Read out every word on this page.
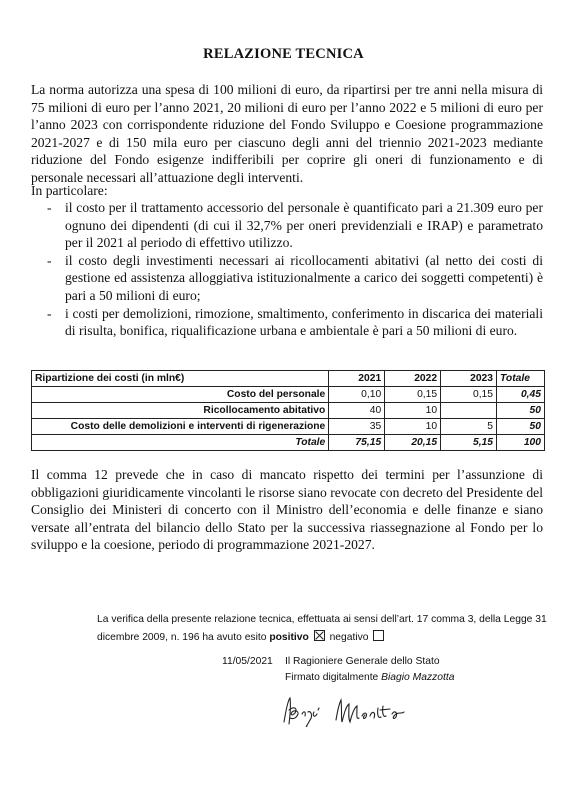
RELAZIONE TECNICA
La norma autorizza una spesa di 100 milioni di euro, da ripartirsi per tre anni nella misura di 75 milioni di euro per l’anno 2021, 20 milioni di euro per l’anno 2022 e 5 milioni di euro per l’anno 2023 con corrispondente riduzione del Fondo Sviluppo e Coesione programmazione 2021-2027 e di 150 mila euro per ciascuno degli anni del triennio 2021-2023 mediante riduzione del Fondo esigenze indifferibili per coprire gli oneri di funzionamento e di personale necessari all’attuazione degli interventi.
In particolare:
- il costo per il trattamento accessorio del personale è quantificato pari a 21.309 euro per ognuno dei dipendenti (di cui il 32,7% per oneri previdenziali e IRAP) e parametrato per il 2021 al periodo di effettivo utilizzo.
- il costo degli investimenti necessari ai ricollocamenti abitativi (al netto dei costi di gestione ed assistenza alloggiativa istituzionalmente a carico dei soggetti competenti) è pari a 50 milioni di euro;
- i costi per demolizioni, rimozione, smaltimento, conferimento in discarica dei materiali di risulta, bonifica, riqualificazione urbana e ambientale è pari a 50 milioni di euro.
Ripartizione dei costi (in mln€)	2021	2022	2023	Totale
Costo del personale	0,10	0,15	0,15	0,45
Ricollocamento abitativo	40	10		50
Costo delle demolizioni e interventi di rigenerazione	35	10	5	50
Totale	75,15	20,15	5,15	100
Il comma 12 prevede che in caso di mancato rispetto dei termini per l’assunzione di obbligazioni giuridicamente vincolanti le risorse siano revocate con decreto del Presidente del Consiglio dei Ministeri di concerto con il Ministro dell’economia e delle finanze e siano versate all’entrata del bilancio dello Stato per la successiva riassegnazione al Fondo per lo sviluppo e la coesione, periodo di programmazione 2021-2027.
La verifica della presente relazione tecnica, effettuata ai sensi dell’art. 17 comma 3, della Legge 31 dicembre 2009, n. 196 ha avuto esito positivo negativo
11/05/2021 Il Ragioniere Generale dello Stato
Firmato digitalmente Biagio Mazzotta
